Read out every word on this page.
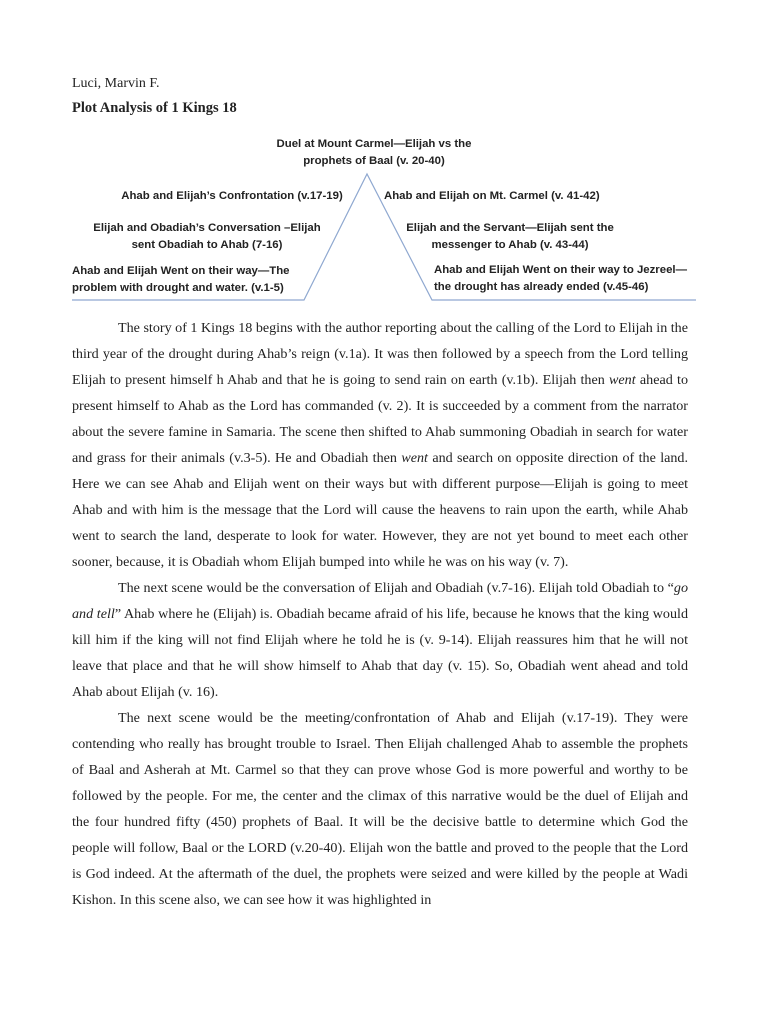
Luci, Marvin F.
Plot Analysis of 1 Kings 18
Duel at Mount Carmel—Elijah vs the
prophets of Baal (v. 20-40)
Ahab and Elijah’s Confrontation (v.17-19)
Elijah and Obadiah’s Conversation –Elijah
sent Obadiah to Ahab (7-16)
Ahab and Elijah Went on their way—The
problem with drought and water. (v.1-5)
Ahab and Elijah on Mt. Carmel (v. 41-42)
Elijah and the Servant—Elijah sent the
messenger to Ahab (v. 43-44)
Ahab and Elijah Went on their way to Jezreel—
the drought has already ended (v.45-46)

The story of 1 Kings 18 begins with the author reporting about the calling of the Lord to Elijah in the third year of the drought during Ahab’s reign (v.1a). It was then followed by a speech from the Lord telling Elijah to present himself h Ahab and that he is going to send rain on earth (v.1b). Elijah then went ahead to present himself to Ahab as the Lord has commanded (v. 2). It is succeeded by a comment from the narrator about the severe famine in Samaria. The scene then shifted to Ahab summoning Obadiah in search for water and grass for their animals (v.3-5). He and Obadiah then went and search on opposite direction of the land. Here we can see Ahab and Elijah went on their ways but with different purpose—Elijah is going to meet Ahab and with him is the message that the Lord will cause the heavens to rain upon the earth, while Ahab went to search the land, desperate to look for water. However, they are not yet bound to meet each other sooner, because, it is Obadiah whom Elijah bumped into while he was on his way (v. 7).

The next scene would be the conversation of Elijah and Obadiah (v.7-16). Elijah told Obadiah to “go and tell” Ahab where he (Elijah) is. Obadiah became afraid of his life, because he knows that the king would kill him if the king will not find Elijah where he told he is (v. 9-14). Elijah reassures him that he will not leave that place and that he will show himself to Ahab that day (v. 15). So, Obadiah went ahead and told Ahab about Elijah (v. 16).

The next scene would be the meeting/confrontation of Ahab and Elijah (v.17-19). They were contending who really has brought trouble to Israel. Then Elijah challenged Ahab to assemble the prophets of Baal and Asherah at Mt. Carmel so that they can prove whose God is more powerful and worthy to be followed by the people. For me, the center and the climax of this narrative would be the duel of Elijah and the four hundred fifty (450) prophets of Baal. It will be the decisive battle to determine which God the people will follow, Baal or the LORD (v.20-40). Elijah won the battle and proved to the people that the Lord is God indeed. At the aftermath of the duel, the prophets were seized and were killed by the people at Wadi Kishon. In this scene also, we can see how it was highlighted in
